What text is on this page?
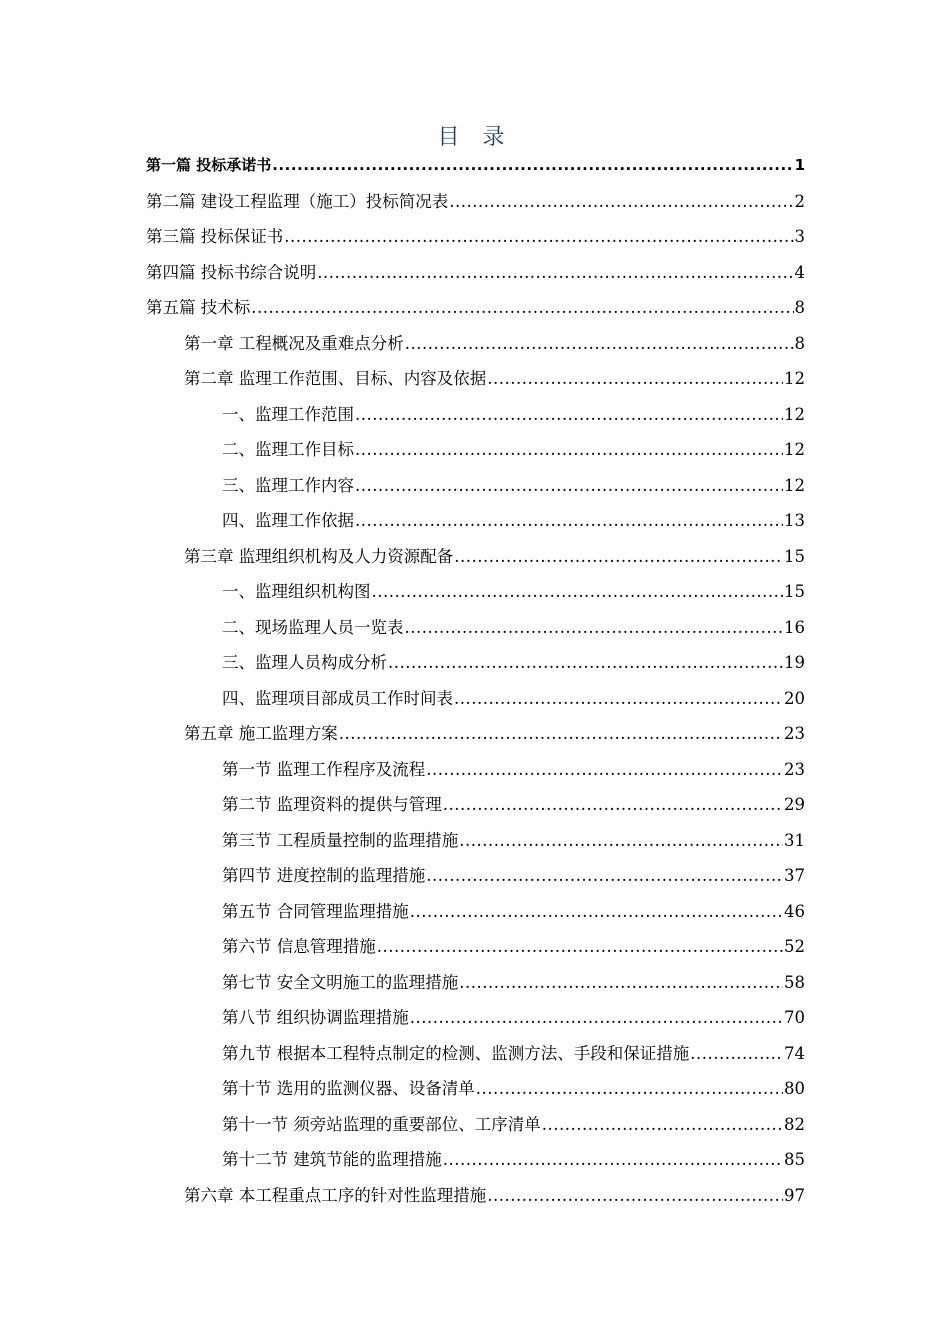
目 录
第一篇 投标承诺书 .....	1
第二篇 建设工程监理（施工）投标简况表 .....	2
第三篇 投标保证书 .....	3
第四篇 投标书综合说明 .....	4
第五篇 技术标 .....	8
第一章 工程概况及重难点分析 .....	8
第二章 监理工作范围、目标、内容及依据 .....	12
一、监理工作范围 .....	12
二、监理工作目标 .....	12
三、监理工作内容 .....	12
四、监理工作依据 .....	13
第三章 监理组织机构及人力资源配备 .....	15
一、监理组织机构图 .....	15
二、现场监理人员一览表 .....	16
三、监理人员构成分析 .....	19
四、监理项目部成员工作时间表 .....	20
第五章 施工监理方案 .....	23
第一节 监理工作程序及流程 .....	23
第二节 监理资料的提供与管理 .....	29
第三节 工程质量控制的监理措施 .....	31
第四节 进度控制的监理措施 .....	37
第五节 合同管理监理措施 .....	46
第六节 信息管理措施 .....	52
第七节 安全文明施工的监理措施 .....	58
第八节 组织协调监理措施 .....	70
第九节 根据本工程特点制定的检测、监测方法、手段和保证措施 .....	74
第十节 选用的监测仪器、设备清单 .....	80
第十一节 须旁站监理的重要部位、工序清单 .....	82
第十二节 建筑节能的监理措施 .....	85
第六章 本工程重点工序的针对性监理措施 .....	97
